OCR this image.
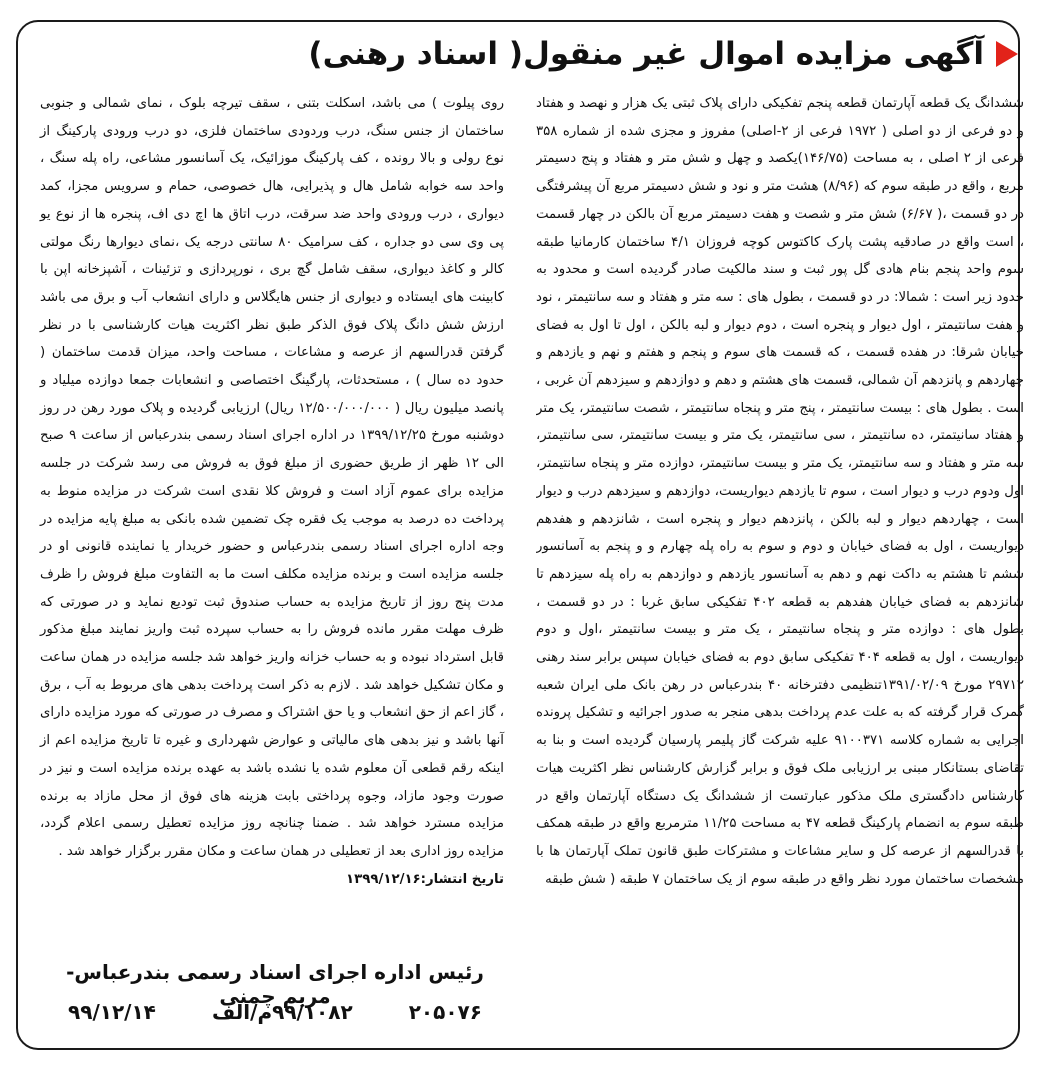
آگهی مزایده اموال غیر منقول( اسناد رهنی)
ششدانگ یک قطعه آپارتمان قطعه پنجم تفکیکی دارای پلاک ثبتی یک هزار و نهصد و هفتاد و دو فرعی از دو اصلی ( ۱۹۷۲ فرعی از ۲-اصلی) مفروز و مجزی شده از شماره ۳۵۸ فرعی از ۲ اصلی ، به مساحت (۱۴۶/۷۵)یکصد و چهل و شش متر و هفتاد و پنج دسیمتر مربع ، واقع در طبقه سوم که (۸/۹۶) هشت متر و نود و شش دسیمتر مربع آن پیشرفتگی در دو قسمت ،( ۶/۶۷) شش متر و شصت و هفت دسیمتر مربع آن بالکن در چهار قسمت ، است واقع در صادقیه پشت پارک کاکتوس کوچه فروزان ۴/۱ ساختمان کارمانیا طبقه سوم واحد پنجم بنام هادی گل پور ثبت و سند مالکیت صادر گردیده است و محدود به حدود زیر است : شمالا: در دو قسمت ، بطول های : سه متر و هفتاد و سه سانتیمتر ، نود و هفت سانتیمتر ، اول دیوار و پنجره است ، دوم دیوار و لبه بالکن ، اول تا اول به فضای خیابان شرقا: در هفده قسمت ، که قسمت های سوم و پنجم و هفتم و نهم و یازدهم و چهاردهم و پانزدهم آن شمالی، قسمت های هشتم و دهم و دوازدهم و سیزدهم آن غربی ، است . بطول های : بیست سانتیمتر ، پنج متر و پنجاه سانتیمتر ، شصت سانتیمتر، یک متر و هفتاد سانیتمتر، ده سانتیمتر ، سی سانتیمتر، یک متر و بیست سانتیمتر، سی سانتیمتر، سه متر و هفتاد و سه سانتیمتر، یک متر و بیست سانتیمتر، دوازده متر و پنجاه سانتیمتر، اول ودوم درب و دیوار است ، سوم تا یازدهم دیواریست، دوازدهم و سیزدهم درب و دیوار است ، چهاردهم دیوار و لبه بالکن ، پانزدهم دیوار و پنجره است ، شانزدهم و هفدهم دیواریست ، اول به فضای خیابان و دوم و سوم به راه پله چهارم و و پنجم به آسانسور ششم تا هشتم به داکت نهم و دهم به آسانسور یازدهم و دوازدهم به راه پله سیزدهم تا شانزدهم به فضای خیابان هفدهم به قطعه ۴۰۲ تفکیکی سابق غربا : در دو قسمت ، بطول های : دوازده متر و پنجاه سانتیمتر ، یک متر و بیست سانتیمتر ،اول و دوم دیواریست ، اول به قطعه ۴۰۴ تفکیکی سابق دوم به فضای خیابان سپس برابر سند رهنی ۲۹۷۱۲ مورخ ۱۳۹۱/۰۲/۰۹تنظیمی دفترخانه ۴۰ بندرعباس در رهن بانک ملی ایران شعبه گمرک قرار گرفته که به علت عدم پرداخت بدهی منجر به صدور اجرائیه و تشکیل پرونده اجرایی به شماره کلاسه ۹۱۰۰۳۷۱ علیه شرکت گاز پلیمر پارسیان گردیده است و بنا به تقاضای بستانکار مبنی بر ارزیابی ملک فوق و برابر گزارش کارشناس نظر اکثریت هیات کارشناس دادگستری ملک مذکور عبارتست از ششدانگ یک دستگاه آپارتمان واقع در طبقه سوم به انضمام پارکینگ قطعه ۴۷ به مساحت ۱۱/۲۵ مترمربع واقع در طبقه همکف با قدرالسهم از عرصه کل و سایر مشاعات و مشترکات طبق قانون تملک آپارتمان ها با مشخصات ساختمان مورد نظر واقع در طبقه سوم از یک ساختمان ۷ طبقه ( شش طبقه
روی پیلوت ) می باشد، اسکلت بتنی ، سقف تیرچه بلوک ، نمای شمالی و جنوبی ساختمان از جنس سنگ، درب وردودی ساختمان فلزی، دو درب ورودی پارکینگ از نوع رولی و بالا رونده ، کف پارکینگ موزائیک، یک آسانسور مشاعی، راه پله سنگ ، واحد سه خوابه شامل هال و پذیرایی، هال خصوصی، حمام و سرویس مجزا، کمد دیواری ، درب ورودی واحد ضد سرقت، درب اتاق ها اچ دی اف، پنجره ها از نوع یو پی وی سی دو جداره ، کف سرامیک ۸۰ سانتی درجه یک ،نمای دیوارها رنگ مولتی کالر و کاغذ دیواری، سقف شامل گچ بری ، نورپردازی و تزئینات ، آشپزخانه اپن با کابینت های ایستاده و دیواری از جنس هایگلاس و دارای انشعاب آب و برق می باشد ارزش شش دانگ پلاک فوق الذکر طبق نظر اکثریت هیات کارشناسی با در نظر گرفتن قدرالسهم از عرصه و مشاعات ، مساحت واحد، میزان قدمت ساختمان ( حدود ده سال ) ، مستحدثات، پارگینگ اختصاصی و انشعابات جمعا دوازده میلیاد و پانصد میلیون ریال ( ۱۲/۵۰۰/۰۰۰/۰۰۰ ریال) ارزیابی گردیده و پلاک مورد رهن در روز دوشنبه مورخ ۱۳۹۹/۱۲/۲۵ در اداره اجرای اسناد رسمی بندرعباس از ساعت ۹ صبح الی ۱۲ ظهر از طریق حضوری از مبلغ فوق به فروش می رسد شرکت در جلسه مزایده برای عموم آزاد است و فروش کلا نقدی است شرکت در مزایده منوط به پرداخت ده درصد به موجب یک فقره چک تضمین شده بانکی به مبلغ پایه مزایده در وجه اداره اجرای اسناد رسمی بندرعباس و حضور خریدار یا نماینده قانونی او در جلسه مزایده است و برنده مزایده مکلف است ما به التفاوت مبلغ فروش را ظرف مدت پنج روز از تاریخ مزایده به حساب صندوق ثبت تودیع نماید و در صورتی که ظرف مهلت مقرر مانده فروش را به حساب سپرده ثبت واریز نمایند مبلغ مذکور قابل استرداد نبوده و به حساب خزانه واریز خواهد شد جلسه مزایده در همان ساعت و مکان تشکیل خواهد شد . لازم به ذکر است پرداخت بدهی های مربوط به آب ، برق ، گاز اعم از حق انشعاب و یا حق اشتراک و مصرف در صورتی که مورد مزایده دارای آنها باشد و نیز بدهی های مالیاتی و عوارض شهرداری و غیره تا تاریخ مزایده اعم از اینکه رقم قطعی آن معلوم شده یا نشده باشد به عهده برنده مزایده است و نیز در صورت وجود مازاد، وجوه پرداختی بابت هزینه های فوق از محل مازاد به برنده مزایده مسترد خواهد شد . ضمنا چنانچه روز مزایده تعطیل رسمی اعلام گردد، مزایده روز اداری بعد از تعطیلی در همان ساعت و مکان مقرر برگزار خواهد شد .
تاریخ انتشار:۱۳۹۹/۱۲/۱۶
رئیس اداره اجرای اسناد رسمی بندرعباس- مریم چمنی
۲۰۵۰۷۶
۹۹/۱۰۸۲م/الف
۹۹/۱۲/۱۴
